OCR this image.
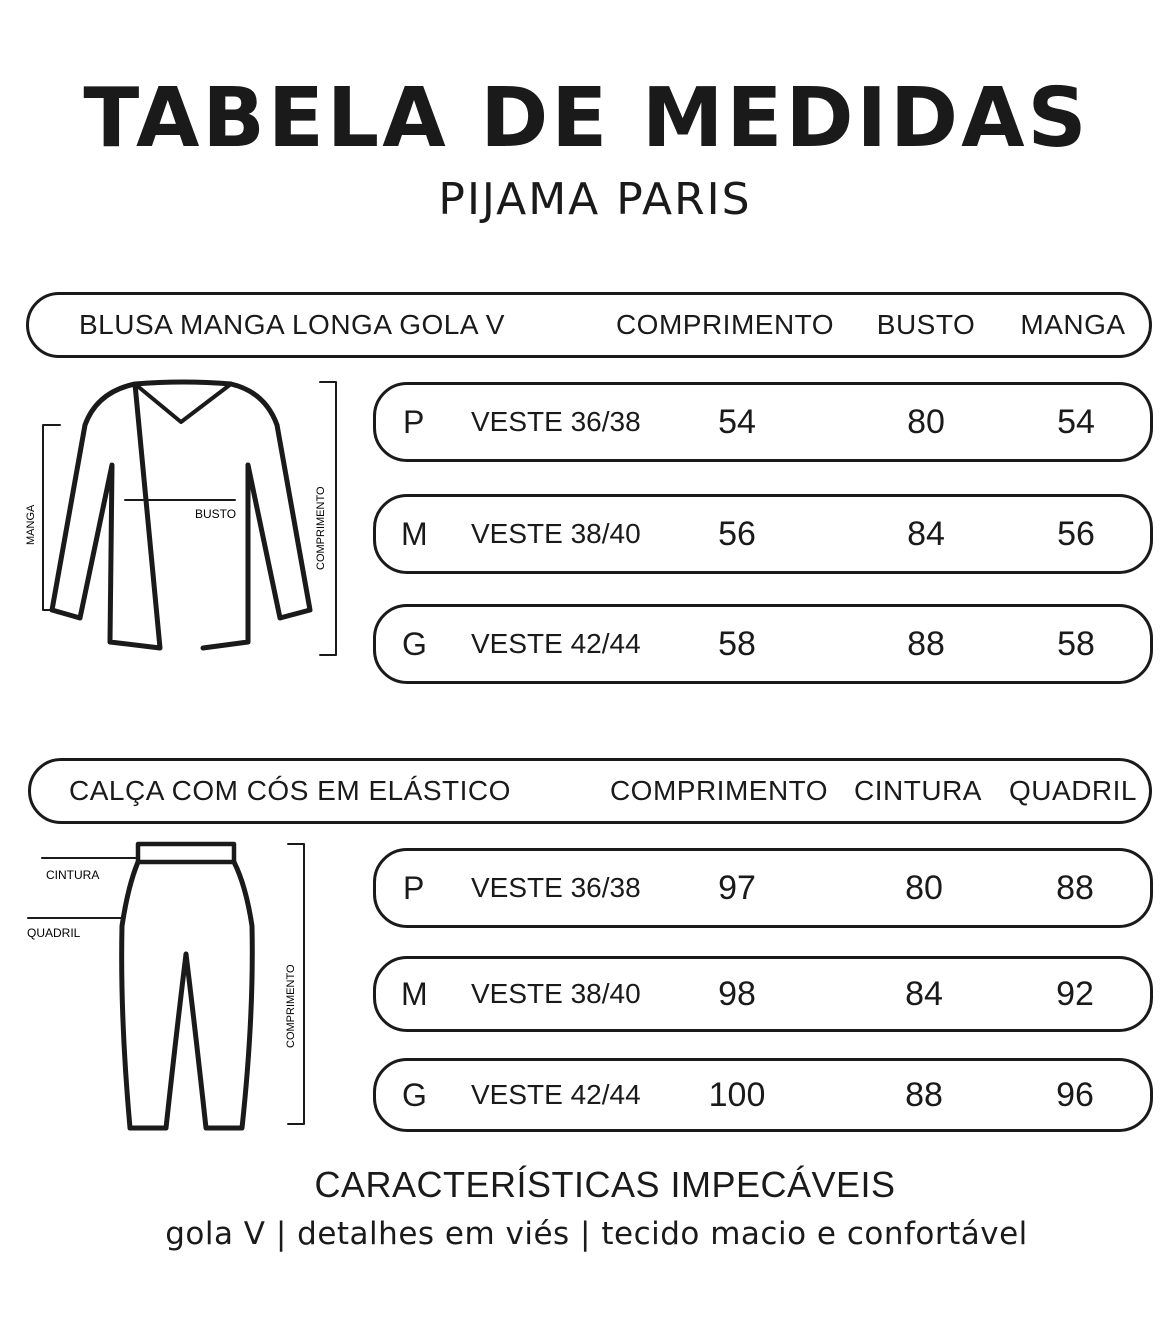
TABELA DE MEDIDAS
PIJAMA PARIS
BLUSA MANGA LONGA GOLA V	COMPRIMENTO BUSTO MANGA
P VESTE 36/38 54	80	54
M VESTE 38/40 56	84	56
G VESTE 42/44 58	88	58
BUSTO
MANGA	COMPRIMENTO
CALÇA COM CÓS EM ELÁSTICO	COMPRIMENTO CINTURA QUADRIL
P VESTE 36/38 97	80	88
M VESTE 38/40 98	84	92
G VESTE 42/44 100	88	96
CINTURA
QUADRIL
COMPRIMENTO
CARACTERÍSTICAS IMPECÁVEIS
gola V | detalhes em viés | tecido macio e confortável
